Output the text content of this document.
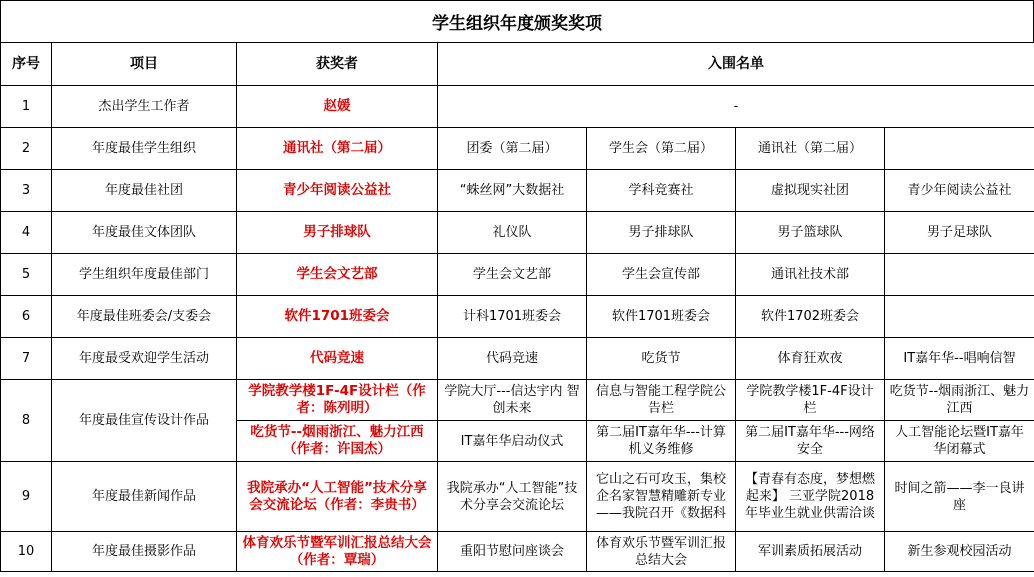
学生组织年度颁奖奖项
序号	项目	获奖者	入围名单			
1	杰出学生工作者	赵媛	-			
2	年度最佳学生组织	通讯社（第二届）	团委（第二届）	学生会（第二届）	通讯社（第二届）	
3	年度最佳社团	青少年阅读公益社	“蛛丝网”大数据社	学科竞赛社	虚拟现实社团	青少年阅读公益社
4	年度最佳文体团队	男子排球队	礼仪队	男子排球队	男子篮球队	男子足球队
5	学生组织年度最佳部门	学生会文艺部	学生会文艺部	学生会宣传部	通讯社技术部	
6	年度最佳班委会/支委会	软件1701班委会	计科1701班委会	软件1701班委会	软件1702班委会	
7	年度最受欢迎学生活动	代码竞速	代码竞速	吃货节	体育狂欢夜	IT嘉年华--唱响信智
8	年度最佳宣传设计作品	学院教学楼1F-4F设计栏（作者：陈列明）	学院大厅---信达宇内 智创未来	信息与智能工程学院公告栏	学院教学楼1F-4F设计栏	吃货节--烟雨浙江、魅力江西

		吃货节--烟雨浙江、魅力江西（作者：许国杰）	IT嘉年华启动仪式	第二届IT嘉年华---计算机义务维修	第二届IT嘉年华---网络安全	人工智能论坛暨IT嘉年华闭幕式

9	年度最佳新闻作品	我院承办“人工智能”技术分享会交流论坛（作者：李贵书）	我院承办“人工智能”技术分享会交流论坛	它山之石可攻玉，集校企名家智慧精雕新专业 ——我院召开《数据科	【青春有态度，梦想燃起来】 三亚学院2018年毕业生就业供需洽谈	时间之箭——李一良讲座

10	年度最佳摄影作品	体育欢乐节暨军训汇报总结大会（作者：覃瑞）	重阳节慰问座谈会	体育欢乐节暨军训汇报总结大会	军训素质拓展活动	新生参观校园活动
